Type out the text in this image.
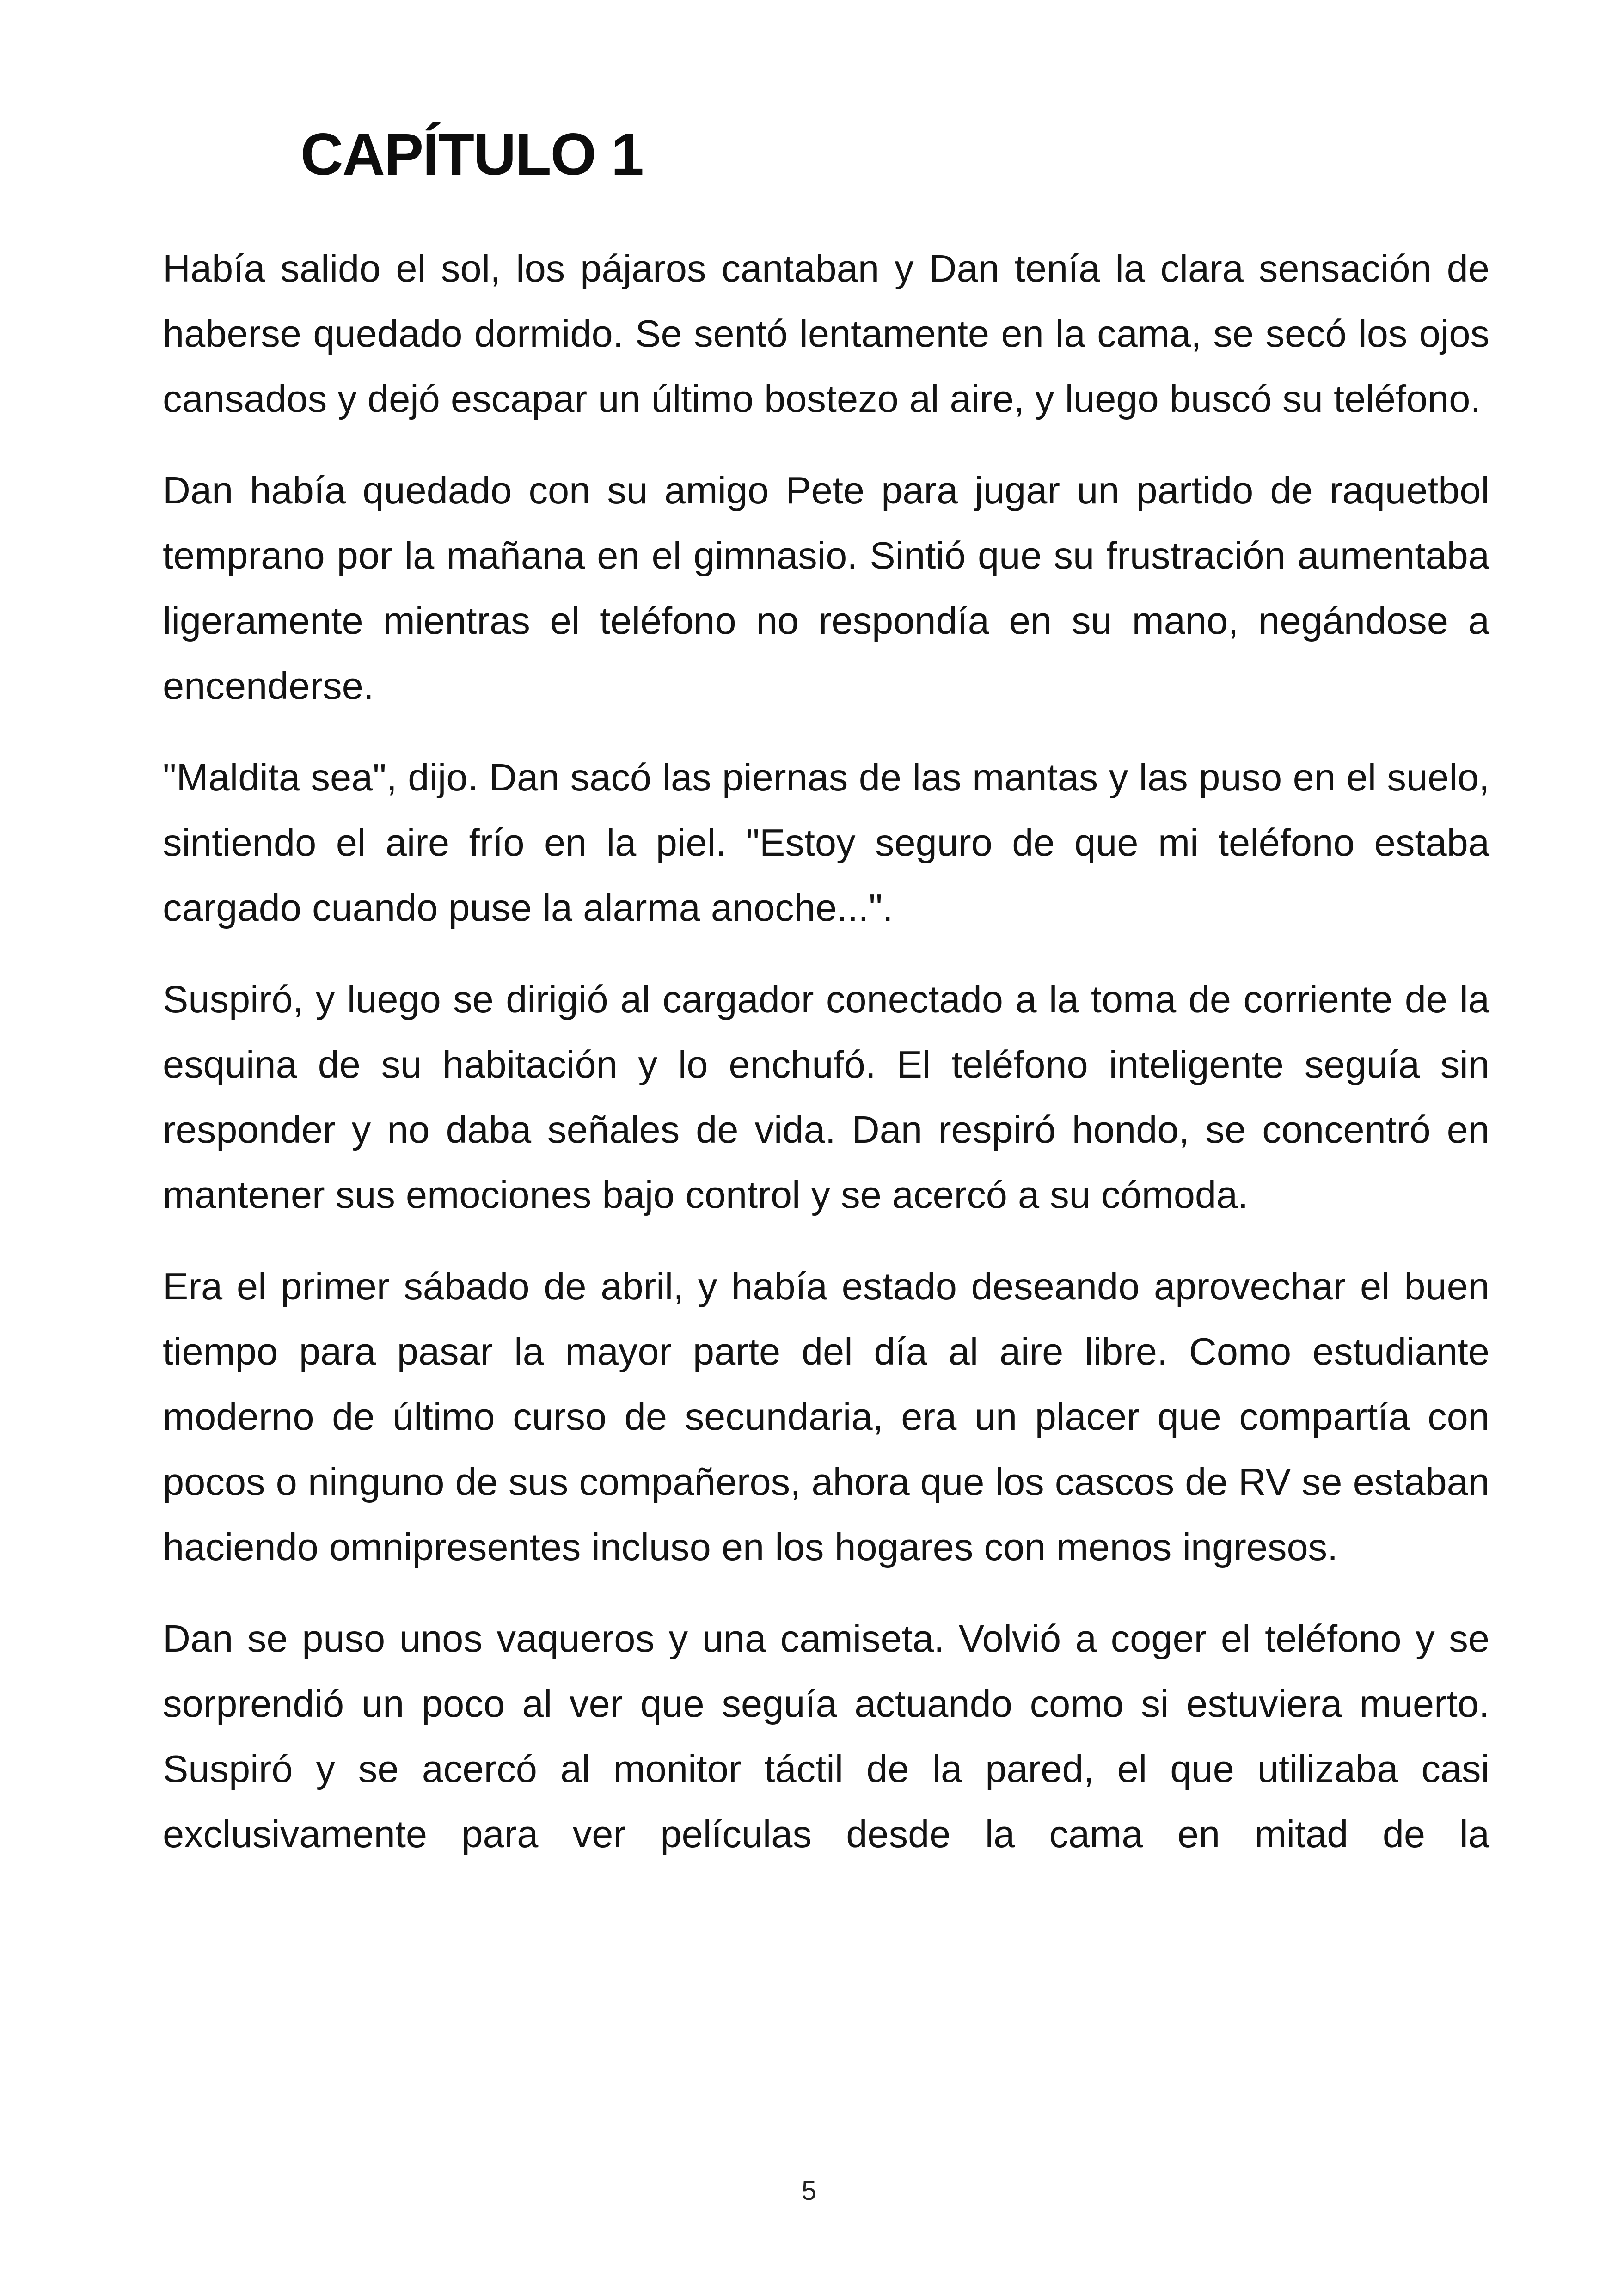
CAPÍTULO 1

Había salido el sol, los pájaros cantaban y Dan tenía la clara sensación de haberse quedado dormido. Se sentó lentamente en la cama, se secó los ojos cansados y dejó escapar un último bostezo al aire, y luego buscó su teléfono.

Dan había quedado con su amigo Pete para jugar un partido de raquetbol temprano por la mañana en el gimnasio. Sintió que su frustración aumentaba ligeramente mientras el teléfono no respondía en su mano, negándose a encenderse.

"Maldita sea", dijo. Dan sacó las piernas de las mantas y las puso en el suelo, sintiendo el aire frío en la piel. "Estoy seguro de que mi teléfono estaba cargado cuando puse la alarma anoche...".

Suspiró, y luego se dirigió al cargador conectado a la toma de corriente de la esquina de su habitación y lo enchufó. El teléfono inteligente seguía sin responder y no daba señales de vida. Dan respiró hondo, se concentró en mantener sus emociones bajo control y se acercó a su cómoda.

Era el primer sábado de abril, y había estado deseando aprovechar el buen tiempo para pasar la mayor parte del día al aire libre. Como estudiante moderno de último curso de secundaria, era un placer que compartía con pocos o ninguno de sus compañeros, ahora que los cascos de RV se estaban haciendo omnipresentes incluso en los hogares con menos ingresos.

Dan se puso unos vaqueros y una camiseta. Volvió a coger el teléfono y se sorprendió un poco al ver que seguía actuando como si estuviera muerto. Suspiró y se acercó al monitor táctil de la pared, el que utilizaba casi exclusivamente para ver películas desde la cama en mitad de la

5
